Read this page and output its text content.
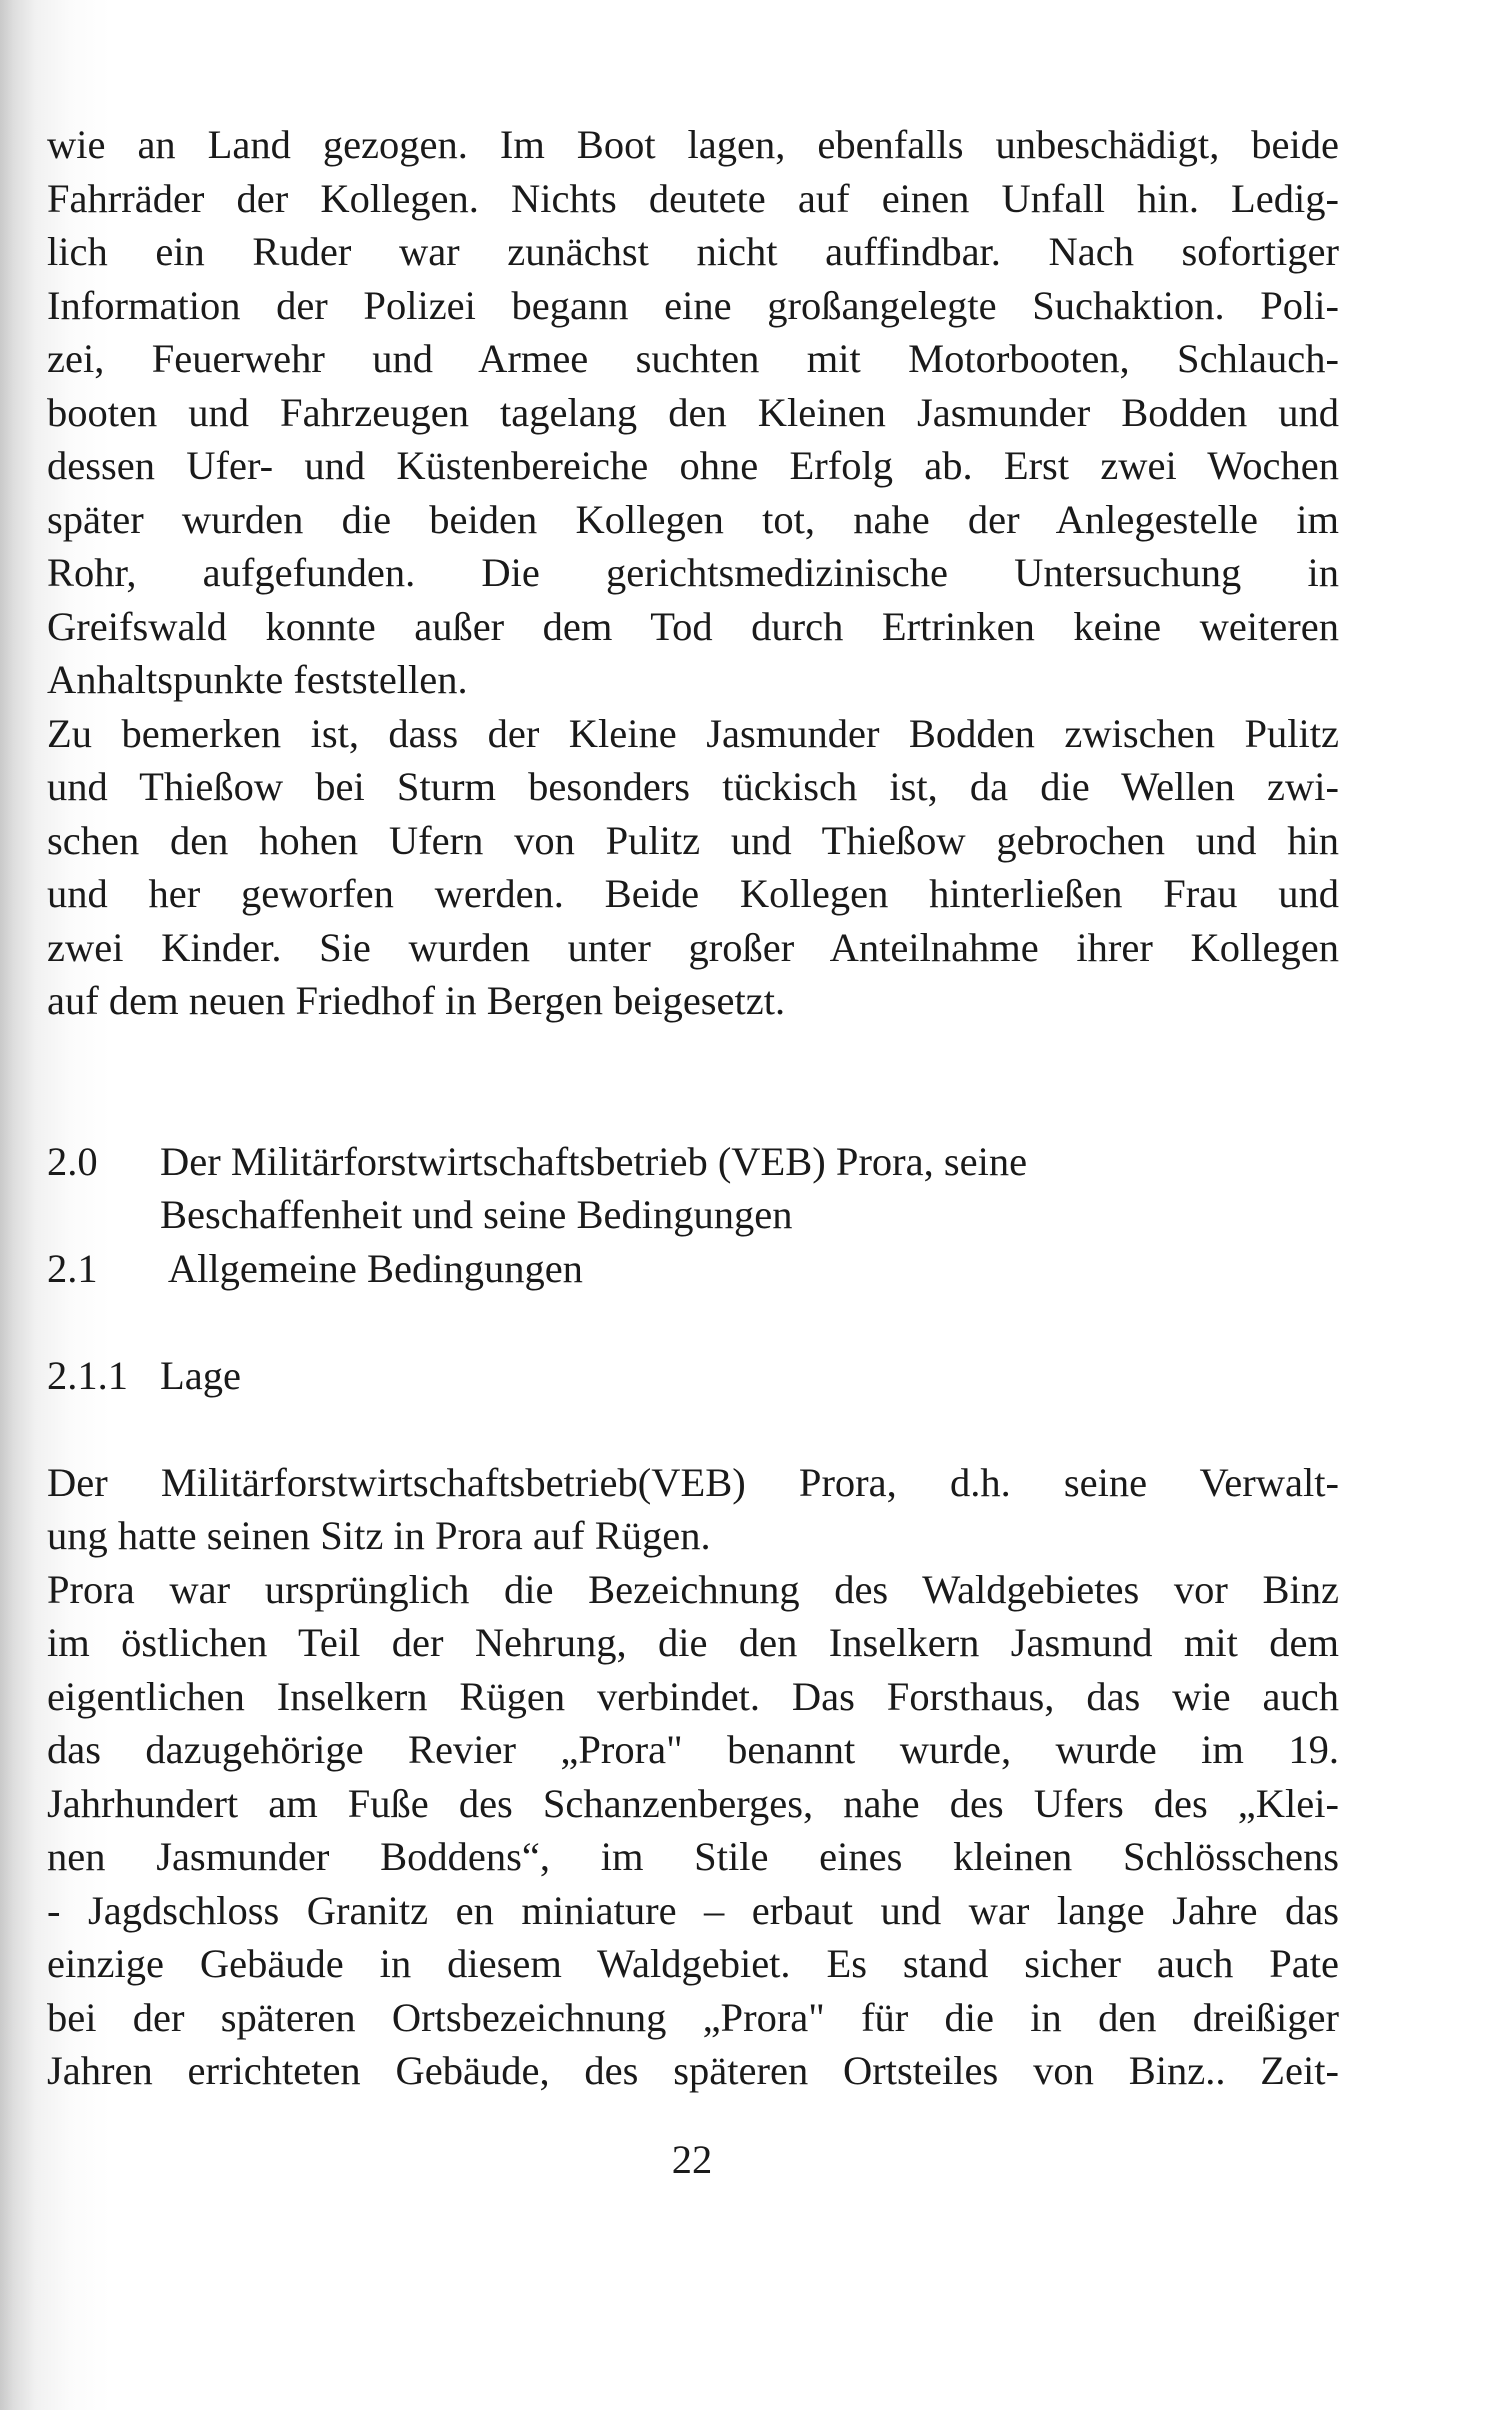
wie an Land gezogen. Im Boot lagen, ebenfalls unbeschädigt, beide
Fahrräder der Kollegen. Nichts deutete auf einen Unfall hin. Ledig-
lich ein Ruder war zunächst nicht auffindbar. Nach sofortiger
Information der Polizei begann eine großangelegte Suchaktion. Poli-
zei, Feuerwehr und Armee suchten mit Motorbooten, Schlauch-
booten und Fahrzeugen tagelang den Kleinen Jasmunder Bodden und
dessen Ufer- und Küstenbereiche ohne Erfolg ab. Erst zwei Wochen
später wurden die beiden Kollegen tot, nahe der Anlegestelle im
Rohr, aufgefunden. Die gerichtsmedizinische Untersuchung in
Greifswald konnte außer dem Tod durch Ertrinken keine weiteren
Anhaltspunkte feststellen.
Zu bemerken ist, dass der Kleine Jasmunder Bodden zwischen Pulitz
und Thießow bei Sturm besonders tückisch ist, da die Wellen zwi-
schen den hohen Ufern von Pulitz und Thießow gebrochen und hin
und her geworfen werden. Beide Kollegen hinterließen Frau und
zwei Kinder. Sie wurden unter großer Anteilnahme ihrer Kollegen
auf dem neuen Friedhof in Bergen beigesetzt.
2.0	Der Militärforstwirtschaftsbetrieb (VEB) Prora, seine
Beschaffenheit und seine Bedingungen
2.1	Allgemeine Bedingungen
2.1.1 Lage
Der Militärforstwirtschaftsbetrieb(VEB) Prora, d.h. seine Verwalt-
ung hatte seinen Sitz in Prora auf Rügen.
Prora war ursprünglich die Bezeichnung des Waldgebietes vor Binz
im östlichen Teil der Nehrung, die den Inselkern Jasmund mit dem
eigentlichen Inselkern Rügen verbindet. Das Forsthaus, das wie auch
das dazugehörige Revier „Prora" benannt wurde, wurde im 19.
Jahrhundert am Fuße des Schanzenberges, nahe des Ufers des „Klei-
nen Jasmunder Boddens“, im Stile eines kleinen Schlösschens
- Jagdschloss Granitz en miniature – erbaut und war lange Jahre das
einzige Gebäude in diesem Waldgebiet. Es stand sicher auch Pate
bei der späteren Ortsbezeichnung „Prora" für die in den dreißiger
Jahren errichteten Gebäude, des späteren Ortsteiles von Binz.. Zeit-
22
